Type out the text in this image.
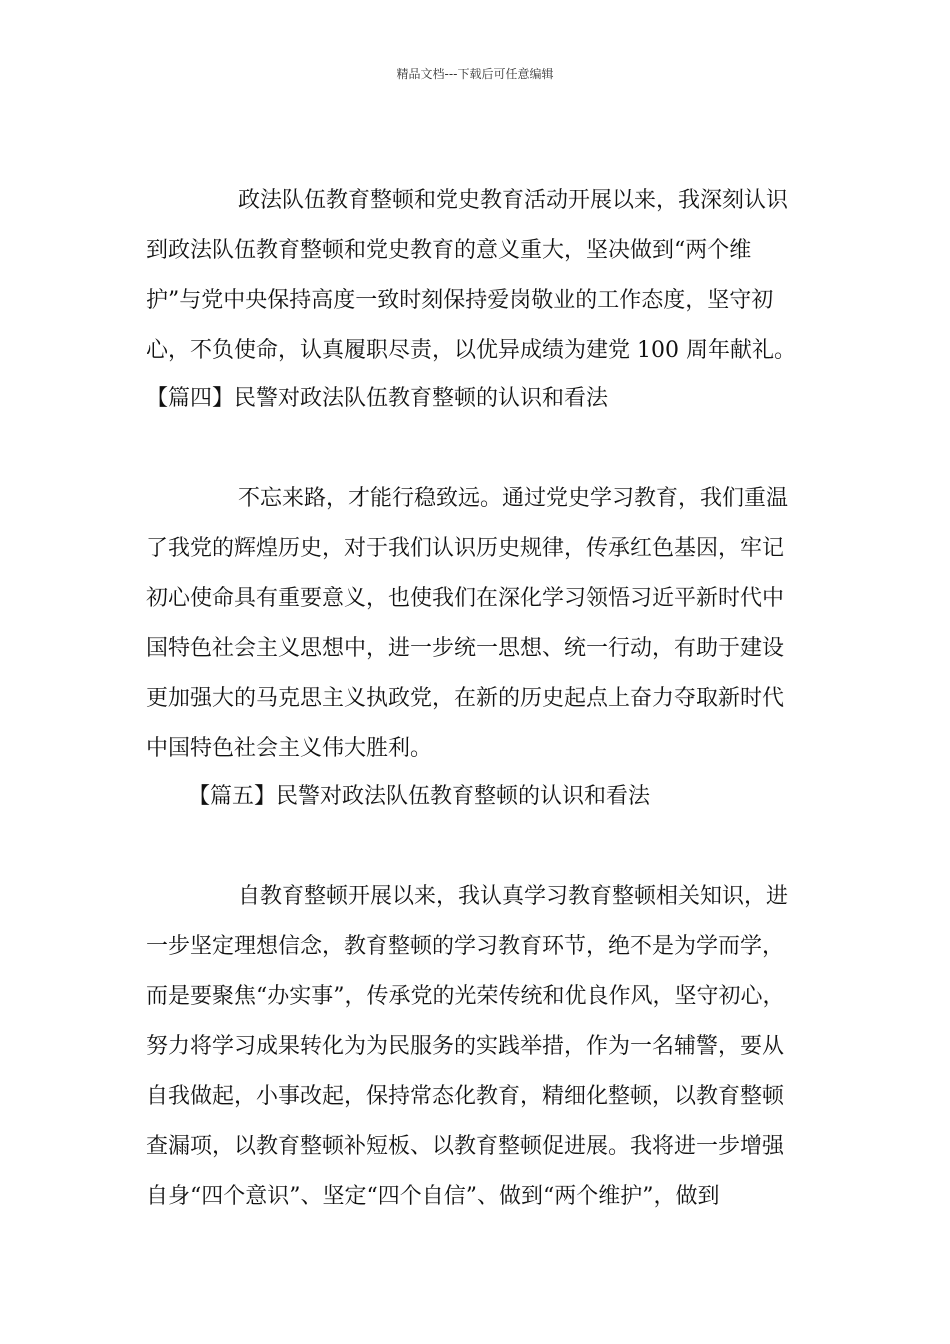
精品文档---下载后可任意编辑
政法队伍教育整顿和党史教育活动开展以来，我深刻认识
到政法队伍教育整顿和党史教育的意义重大，坚决做到“两个维
护”与党中央保持高度一致时刻保持爱岗敬业的工作态度，坚守初
心，不负使命，认真履职尽责，以优异成绩为建党 100 周年献礼。
【篇四】民警对政法队伍教育整顿的认识和看法
不忘来路，才能行稳致远。通过党史学习教育，我们重温
了我党的辉煌历史，对于我们认识历史规律，传承红色基因，牢记
初心使命具有重要意义，也使我们在深化学习领悟习近平新时代中
国特色社会主义思想中，进一步统一思想、统一行动，有助于建设
更加强大的马克思主义执政党，在新的历史起点上奋力夺取新时代
中国特色社会主义伟大胜利。
【篇五】民警对政法队伍教育整顿的认识和看法
自教育整顿开展以来，我认真学习教育整顿相关知识，进
一步坚定理想信念，教育整顿的学习教育环节，绝不是为学而学，
而是要聚焦“办实事”，传承党的光荣传统和优良作风，坚守初心，
努力将学习成果转化为为民服务的实践举措，作为一名辅警，要从
自我做起，小事改起，保持常态化教育，精细化整顿，以教育整顿
查漏项，以教育整顿补短板、以教育整顿促进展。我将进一步增强
自身“四个意识”、坚定“四个自信”、做到“两个维护”，做到
